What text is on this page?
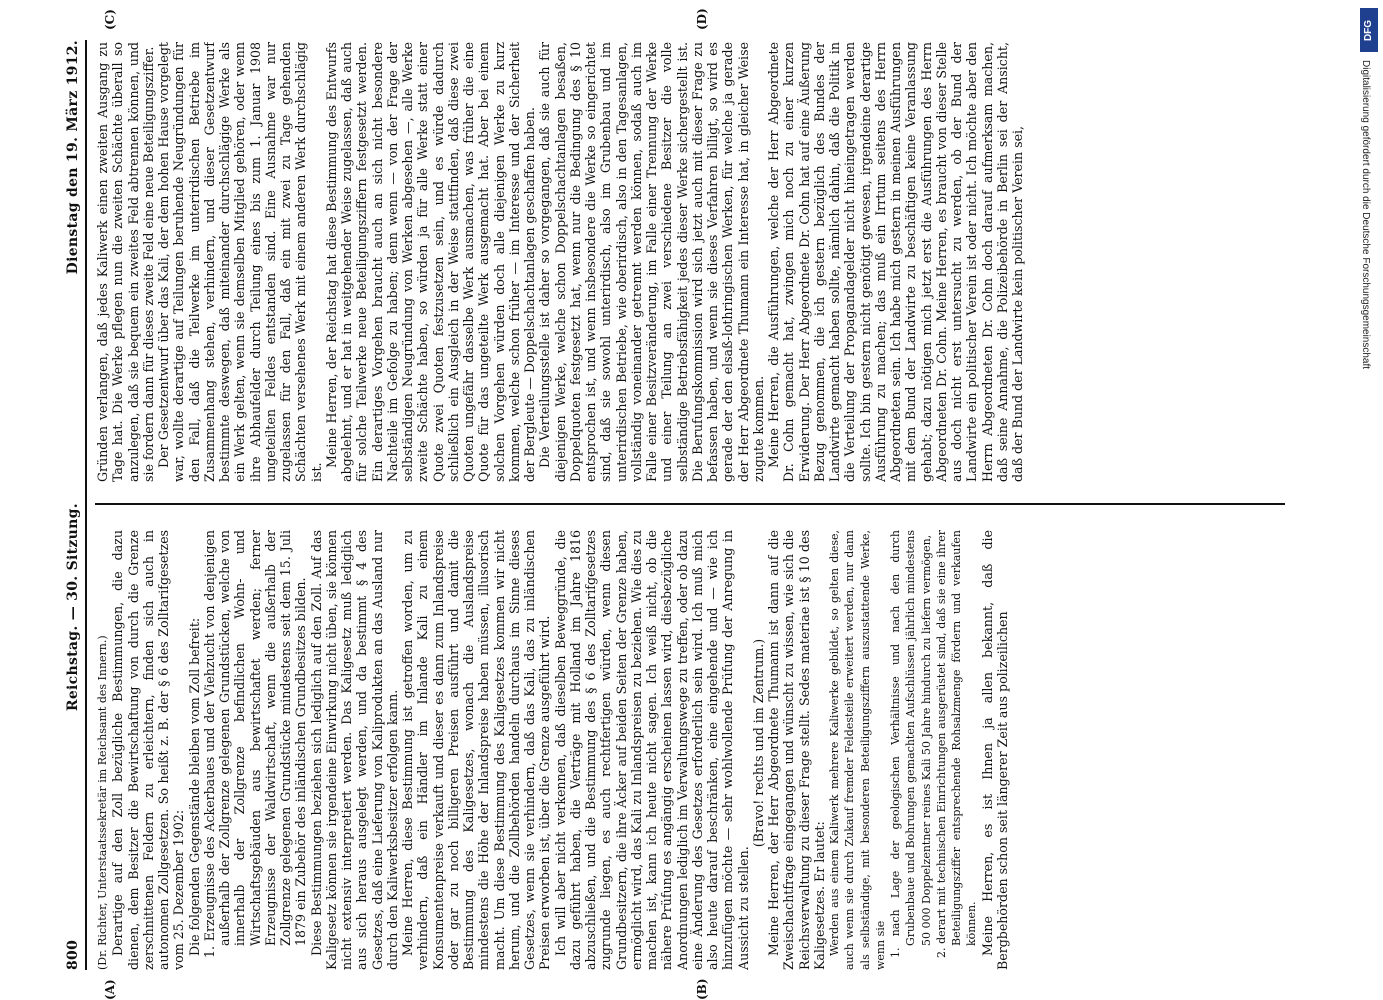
800
Reichstag. — 30. Sitzung.
Dienstag den 19. März 1912.
(A)	(B)
(C)	(D)

(Dr. Richter, Unterstaatssekretär im Reichsamt des Innern.) Derartige auf den Zoll bezügliche Bestimmungen, die dazu dienen, dem Besitzer die Bewirtschaftung von durch die Grenze zerschnittenen Feldern zu erleichtern, finden sich auch in autonomen Zollgesetzen. So heißt z. B. der § 6 des Zolltarifgesetzes vom 25. Dezember 1902: Die folgenden Gegenstände bleiben vom Zoll befreit: 1. Erzeugnisse des Ackerbaues und der Viehzucht von denjenigen außerhalb der Zollgrenze gelegenen Grundstücken, welche von innerhalb der Zollgrenze befindlichen Wohn- und Wirtschaftsgebäuden aus bewirtschaftet werden; ferner Erzeugnisse der Waldwirtschaft, wenn die außerhalb der Zollgrenze gelegenen Grundstücke mindestens seit dem 15. Juli 1879 ein Zubehör des inländischen Grundbesitzes bilden. Diese Bestimmungen beziehen sich lediglich auf den Zoll. Auf das Kaligesetz können sie irgendeine Einwirkung nicht üben, sie können nicht extensiv interpretiert werden. Das Kaligesetz muß lediglich aus sich heraus ausgelegt werden, und da bestimmt § 4 des Gesetzes, daß eine Lieferung von Kaliprodukten an das Ausland nur durch den Kaliwerksbesitzer erfolgen kann. Meine Herren, diese Bestimmung ist getroffen worden, um zu verhindern, daß ein Händler im Inlande Kali zu einem Konsumentenpreise verkauft und dieser es dann zum Inlandspreise oder gar zu noch billigeren Preisen ausführt und damit die Bestimmung des Kaligesetzes, wonach die Auslandspreise mindestens die Höhe der Inlandspreise haben müssen, illusorisch macht. Um diese Bestimmung des Kaligesetzes kommen wir nicht herum, und die Zollbehörden handeln durchaus im Sinne dieses Gesetzes, wenn sie verhindern, daß das Kali, das zu inländischen Preisen erworben ist, über die Grenze ausgeführt wird. Ich will aber nicht verkennen, daß dieselben Beweggründe, die dazu geführt haben, die Verträge mit Holland im Jahre 1816 abzuschließen, und die Bestimmung des § 6 des Zolltarifgesetzes zugrunde liegen, es auch rechtfertigen würden, wenn diesen Grundbesitzern, die ihre Äcker auf beiden Seiten der Grenze haben, ermöglicht wird, das Kali zu Inlandspreisen zu beziehen. Wie dies zu machen ist, kann ich heute nicht sagen. Ich weiß nicht, ob die nähere Prüfung es angängig erscheinen lassen wird, diesbezügliche Anordnungen lediglich im Verwaltungswege zu treffen, oder ob dazu eine Änderung des Gesetzes erforderlich sein wird. Ich muß mich also heute darauf beschränken, eine eingehende und — wie ich hinzufügen möchte — sehr wohlwollende Prüfung der Anregung in Aussicht zu stellen.

(Bravo! rechts und im Zentrum.) Meine Herren, der Herr Abgeordnete Thumann ist dann auf die Zweischachtfrage eingegangen und wünscht zu wissen, wie sich die Reichsverwaltung zu dieser Frage stellt. Sedes materiae ist § 10 des Kaligesetzes. Er lautet: Werden aus einem Kaliwerk mehrere Kaliwerke gebildet, so gelten diese, auch wenn sie durch Zukauf fremder Feldesteile erweitert werden, nur dann als selbständige, mit besonderen Beteiligungsziffern auszustattende Werke, wenn sie 1. nach Lage der geologischen Verhältnisse und nach den durch Grubenbaue und Bohrungen gemachten Aufschlüssen jährlich mindestens 50 000 Doppelzentner reines Kali 50 Jahre hindurch zu liefern vermögen, 2. derart mit technischen Einrichtungen ausgerüstet sind, daß sie eine ihrer Beteiligungsziffer entsprechende Rohsalzmenge fördern und verkaufen können. Meine Herren, es ist Ihnen ja allen bekannt, daß die Bergbehörden schon seit längerer Zeit aus polizeilichen

Gründen verlangen, daß jedes Kaliwerk einen zweiten Ausgang zu Tage hat. Die Werke pflegen nun die zweiten Schächte überall so anzulegen, daß sie bequem ein zweites Feld abtrennen können, und sie fordern dann für dieses zweite Feld eine neue Beteiligungsziffer. Der Gesetzentwurf über das Kali, der dem hohen Hause vorgelegt war, wollte derartige auf Teilungen beruhende Neugründungen für den Fall, daß die Teilwerke im unterirdischen Betriebe im Zusammenhang stehen, verhindern, und dieser Gesetzentwurf bestimmte deswegen, daß miteinander durchschlägige Werke als ein Werk gelten, wenn sie demselben Mitglied gehören, oder wenn ihre Abhaufelder durch Teilung eines bis zum 1. Januar 1908 ungeteilten Feldes entstanden sind. Eine Ausnahme war nur zugelassen für den Fall, daß ein mit zwei zu Tage gehenden Schächten versehenes Werk mit einem anderen Werk durchschlägig ist.

Meine Herren, der Reichstag hat diese Bestimmung des Entwurfs abgelehnt, und er hat in weitgehender Weise zugelassen, daß auch für solche Teilwerke neue Beteiligungsziffern festgesetzt werden. Ein derartiges Vorgehen braucht auch an sich nicht besondere Nachteile im Gefolge zu haben; denn wenn — von der Frage der selbständigen Neugründung von Werken abgesehen —, alle Werke zweite Schächte haben, so würden ja für alle Werke statt einer Quote zwei Quoten festzusetzen sein, und es würde dadurch schließlich ein Ausgleich in der Weise stattfinden, daß diese zwei Quoten ungefähr dasselbe Werk ausmachen, was früher die eine Quote für das ungeteilte Werk ausgemacht hat. Aber bei einem solchen Vorgehen würden doch alle diejenigen Werke zu kurz kommen, welche schon früher — im Interesse und der Sicherheit der Bergleute — Doppelschachtanlagen geschaffen haben. Die Verteilungsstelle ist daher so vorgegangen, daß sie auch für diejenigen Werke, welche schon Doppelschachtanlagen besaßen, Doppelquoten festgesetzt hat, wenn nur die Bedingung des § 10 entsprochen ist, und wenn insbesondere die Werke so eingerichtet sind, daß sie sowohl unterirdisch, also im Grubenbau und im unterirdischen Betriebe, wie oberirdisch, also in den Tagesanlagen, vollständig voneinander getrennt werden können, sodaß auch im Falle einer Besitzveränderung, im Falle einer Trennung der Werke und einer Teilung an zwei verschiedene Besitzer die volle selbständige Betriebsfähigkeit jedes dieser Werke sichergestellt ist. Die Berufungskommission wird sich jetzt auch mit dieser Frage zu befassen haben, und wenn sie dieses Verfahren billigt, so wird es gerade der den elsaß-lothringischen Werken, für welche ja gerade der Herr Abgeordnete Thumann ein Interesse hat, in gleicher Weise zugute kommen. Meine Herren, die Ausführungen, welche der Herr Abgeordnete Dr. Cohn gemacht hat, zwingen mich noch zu einer kurzen Erwiderung. Der Herr Abgeordnete Dr. Cohn hat auf eine Äußerung Bezug genommen, die ich gestern bezüglich des Bundes der Landwirte gemacht haben sollte, nämlich dahin, daß die Politik in die Verteilung der Propagandagelder nicht hineingetragen werden sollte. Ich bin gestern nicht genötigt gewesen, irgendeine derartige Ausführung zu machen; das muß ein Irrtum seitens des Herrn Abgeordneten sein. Ich habe mich gestern in meinen Ausführungen mit dem Bund der Landwirte zu beschäftigen keine Veranlassung gehabt; dazu nötigen mich jetzt erst die Ausführungen des Herrn Abgeordneten Dr. Cohn. Meine Herren, es braucht von dieser Stelle aus doch nicht erst untersucht zu werden, ob der Bund der Landwirte ein politischer Verein ist oder nicht. Ich möchte aber den Herrn Abgeordneten Dr. Cohn doch darauf aufmerksam machen, daß seine Annahme, die Polizeibehörde in Berlin sei der Ansicht, daß der Bund der Landwirte kein politischer Verein sei,

DFG
Digitalisierung gefördert durch die Deutsche Forschungsgemeinschaft
